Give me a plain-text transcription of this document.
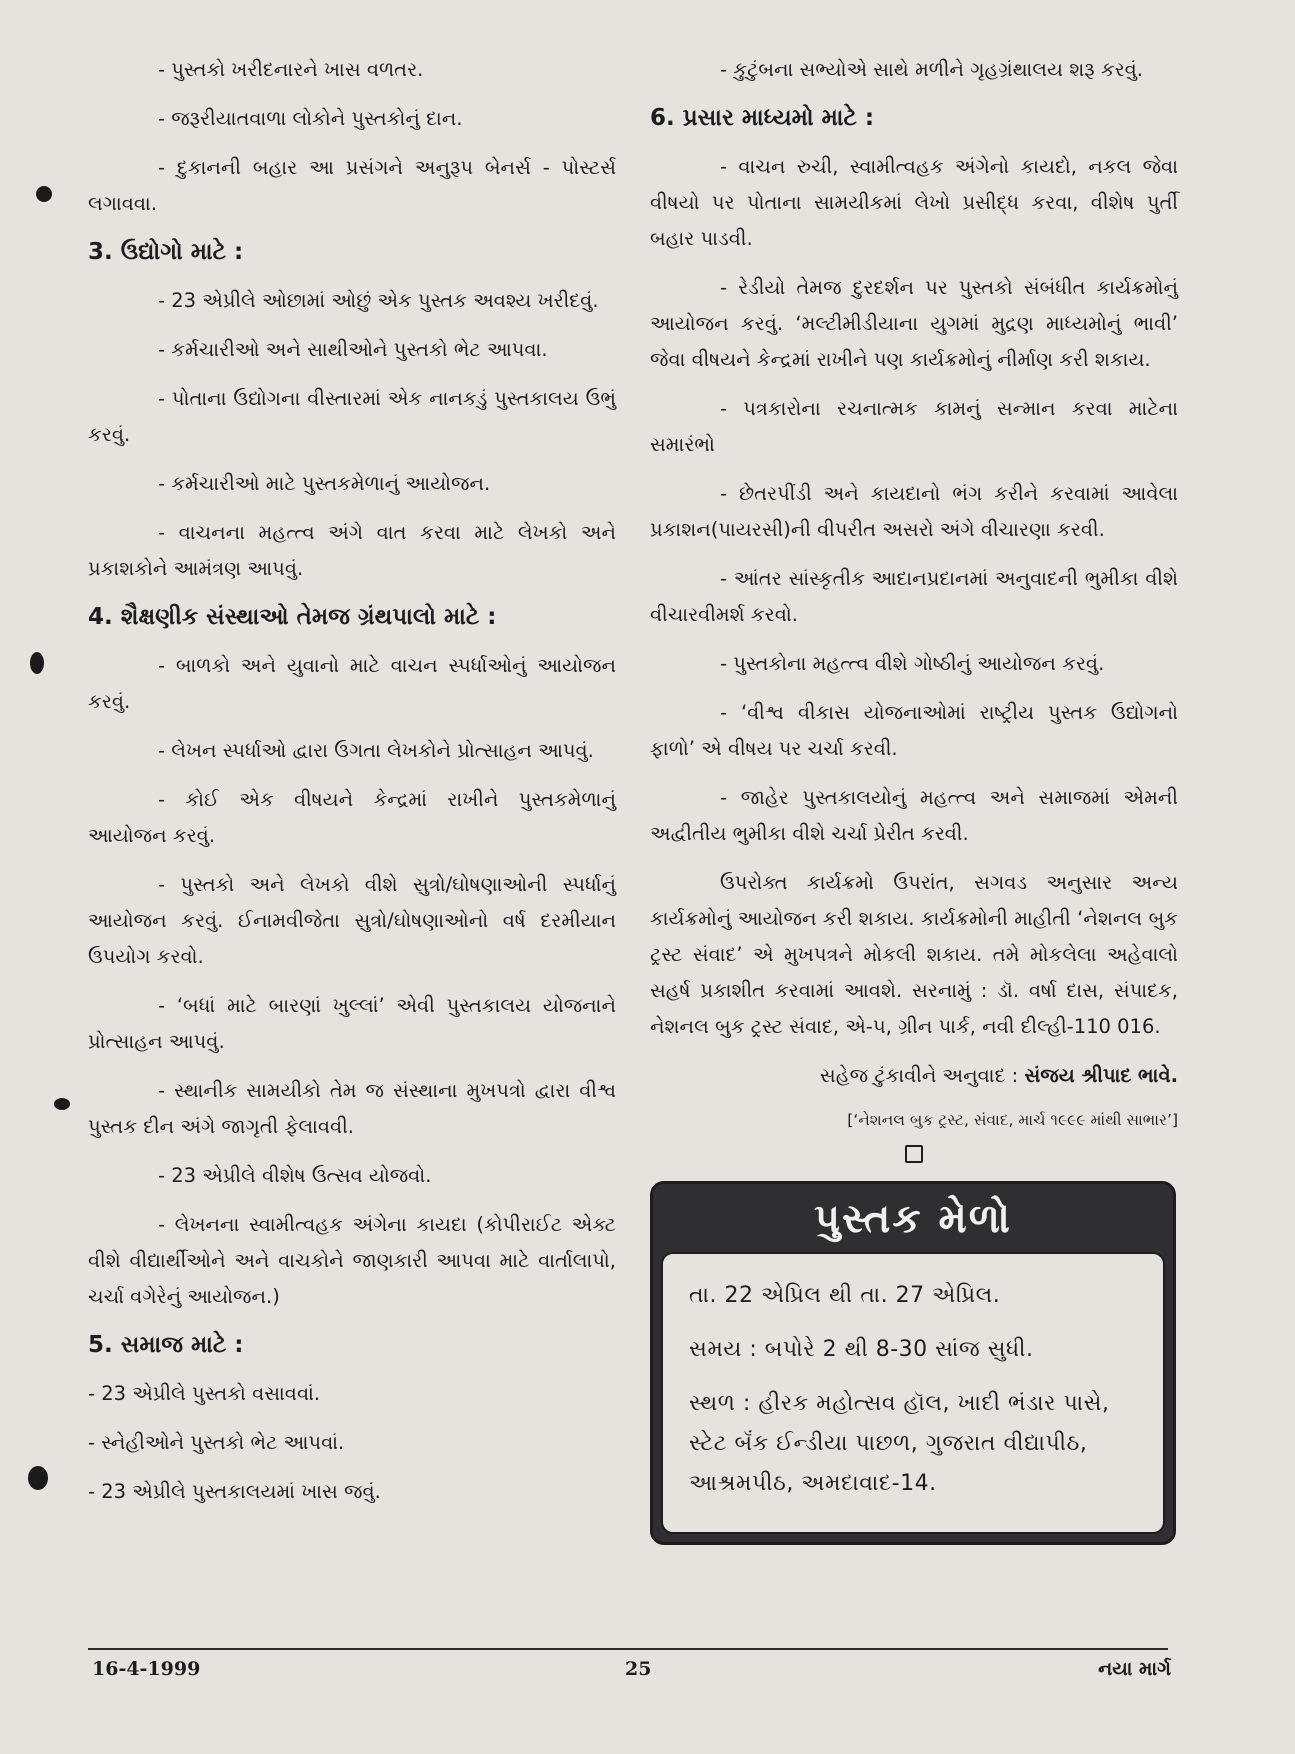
- પુસ્તકો ખરીદનારને ખાસ વળતર.

- જરૂરીયાતવાળા લોકોને પુસ્તકોનું દાન.

- દુકાનની બહાર આ પ્રસંગને અનુરૂપ બેનર્સ - પોસ્ટર્સ લગાવવા.

3. ઉદ્યોગો માટે :

- 23 એપ્રીલે ઓછામાં ઓછું એક પુસ્તક અવશ્ય ખરીદવું.

- કર્મચારીઓ અને સાથીઓને પુસ્તકો ભેટ આપવા.

- પોતાના ઉદ્યોગના વીસ્તારમાં એક નાનકડું પુસ્તકાલય ઉભું કરવું.

- કર્મચારીઓ માટે પુસ્તકમેળાનું આયોજન.

- વાચનના મહત્ત્વ અંગે વાત કરવા માટે લેખકો અને પ્રકાશકોને આમંત્રણ આપવું.

4. શૈક્ષણીક સંસ્થાઓ તેમજ ગ્રંથપાલો માટે :

- બાળકો અને યુવાનો માટે વાચન સ્પર્ધાઓનું આયોજન કરવું.

- લેખન સ્પર્ધાઓ દ્વારા ઉગતા લેખકોને પ્રોત્સાહન આપવું.

- કોઈ એક વીષયને કેન્દ્રમાં રાખીને પુસ્તકમેળાનું આયોજન કરવું.

- પુસ્તકો અને લેખકો વીશે સુત્રો/ઘોષણાઓની સ્પર્ધાનું આયોજન કરવું. ઈનામવીજેતા સુત્રો/ઘોષણાઓનો વર્ષ દરમીયાન ઉપયોગ કરવો.

- ‘બધાં માટે બારણાં ખુલ્લાં’ એવી પુસ્તકાલય યોજનાને પ્રોત્સાહન આપવું.

- સ્થાનીક સામયીકો તેમ જ સંસ્થાના મુખપત્રો દ્વારા વીશ્વ પુસ્તક દીન અંગે જાગૃતી ફેલાવવી.

- 23 એપ્રીલે વીશેષ ઉત્સવ યોજવો.

- લેખનના સ્વામીત્વહક અંગેના કાયદા (કોપીરાઈટ એક્ટ વીશે વીદ્યાર્થીઓને અને વાચકોને જાણકારી આપવા માટે વાર્તાલાપો, ચર્ચા વગેરેનું આયોજન.)

5. સમાજ માટે :

- 23 એપ્રીલે પુસ્તકો વસાવવાં.

- સ્નેહીઓને પુસ્તકો ભેટ આપવાં.

- 23 એપ્રીલે પુસ્તકાલયમાં ખાસ જવું.

- કુટુંબના સભ્યોએ સાથે મળીને ગૃહગ્રંથાલય શરૂ કરવું.

6. પ્રસાર માધ્યમો માટે :

- વાચન રુચી, સ્વામીત્વહક અંગેનો કાયદો, નકલ જેવા વીષયો પર પોતાના સામયીકમાં લેખો પ્રસીદ્ધ કરવા, વીશેષ પુર્તી બહાર પાડવી.

- રેડીયો તેમજ દુરદર્શન પર પુસ્તકો સંબંધીત કાર્યક્રમોનું આયોજન કરવું. ‘મલ્ટીમીડીયાના યુગમાં મુદ્રણ માધ્યમોનું ભાવી’ જેવા વીષયને કેન્દ્રમાં રાખીને પણ કાર્યક્રમોનું નીર્માણ કરી શકાય.

- પત્રકારોના રચનાત્મક કામનું સન્માન કરવા માટેના સમારંભો

- છેતરપીંડી અને કાયદાનો ભંગ કરીને કરવામાં આવેલા પ્રકાશન(પાયરસી)ની વીપરીત અસરો અંગે વીચારણા કરવી.

- આંતર સાંસ્કૃતીક આદાનપ્રદાનમાં અનુવાદની ભુમીકા વીશે વીચારવીમર્શ કરવો.

- પુસ્તકોના મહત્ત્વ વીશે ગોષ્ઠીનું આયોજન કરવું.

- ‘વીશ્વ વીકાસ યોજનાઓમાં રાષ્ટ્રીય પુસ્તક ઉદ્યોગનો ફાળો’ એ વીષય પર ચર્ચા કરવી.

- જાહેર પુસ્તકાલયોનું મહત્ત્વ અને સમાજમાં એમની અદ્વીતીય ભુમીકા વીશે ચર્ચા પ્રેરીત કરવી.

ઉપરોક્ત કાર્યક્રમો ઉપરાંત, સગવડ અનુસાર અન્ય કાર્યક્રમોનું આયોજન કરી શકાય. કાર્યક્રમોની માહીતી ‘નેશનલ બુક ટ્રસ્ટ સંવાદ’ એ મુખપત્રને મોકલી શકાય. તમે મોકલેલા અહેવાલો સહર્ષ પ્રકાશીત કરવામાં આવશે. સરનામું : ડૉ. વર્ષા દાસ, સંપાદક, નેશનલ બુક ટ્રસ્ટ સંવાદ, એ-૫, ગ્રીન પાર્ક, નવી દીલ્હી-110 016.

સહેજ ટુંકાવીને અનુવાદ : સંજય શ્રીપાદ ભાવે.

[‘નેશનલ બુક ટ્રસ્ટ, સંવાદ, માર્ચ ૧૯૯૯ માંથી સાભાર’]
પુસ્તક મેળો

તા. 22 એપ્રિલ થી તા. 27 એપ્રિલ.

સમય : બપોરે 2 થી 8-30 સાંજ સુધી.

સ્થળ : હીરક મહોત્સવ હૉલ, ખાદી ભંડાર પાસે, સ્ટેટ બૅંક ઈન્ડીયા પાછળ, ગુજરાત વીદ્યાપીઠ, આશ્રમપીઠ, અમદાવાદ-14.

16-4-1999	25	નયા માર્ગ
